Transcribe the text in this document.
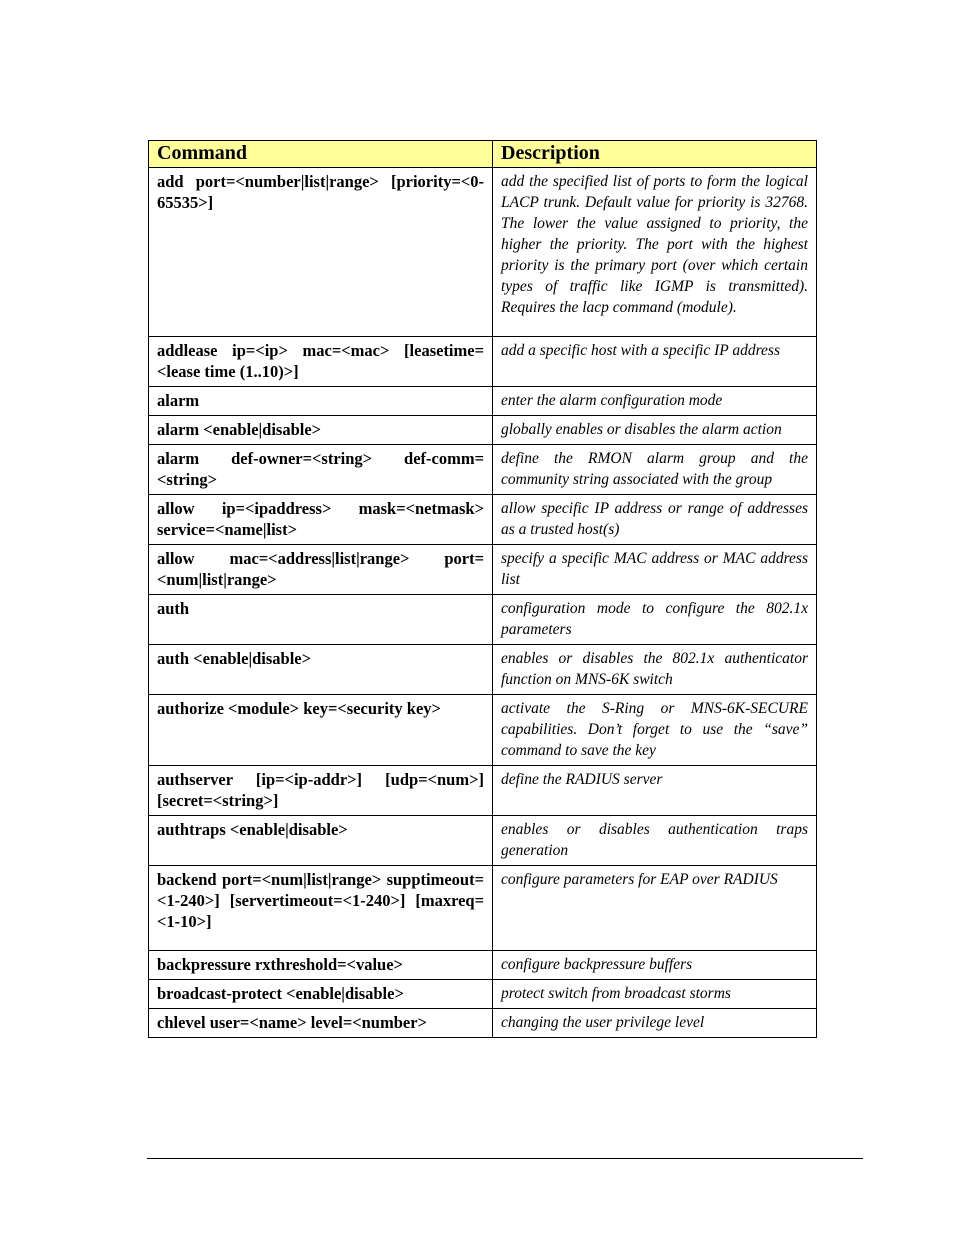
Command	Description
add port=<number|list|range> [priority=<0-65535>]	add the specified list of ports to form the logical LACP trunk. Default value for priority is 32768. The lower the value assigned to priority, the higher the priority. The port with the highest priority is the primary port (over which certain types of traffic like IGMP is transmitted). Requires the lacp command (module).
addlease ip=<ip> mac=<mac> [leasetime=<lease time (1..10)>]	add a specific host with a specific IP address
alarm	enter the alarm configuration mode
alarm <enable|disable>	globally enables or disables the alarm action
alarm def-owner=<string> def-comm=<string>	define the RMON alarm group and the community string associated with the group
allow ip=<ipaddress> mask=<netmask> service=<name|list>	allow specific IP address or range of addresses as a trusted host(s)
allow mac=<address|list|range> port=<num|list|range>	specify a specific MAC address or MAC address list
auth	configuration mode to configure the 802.1x parameters
auth <enable|disable>	enables or disables the 802.1x authenticator function on MNS-6K switch
authorize <module> key=<security key>	activate the S-Ring or MNS-6K-SECURE capabilities. Don’t forget to use the “save” command to save the key
authserver [ip=<ip-addr>] [udp=<num>] [secret=<string>]	define the RADIUS server
authtraps <enable|disable>	enables or disables authentication traps generation
backend port=<num|list|range> supptimeout=<1-240>] [servertimeout=<1-240>] [maxreq=<1-10>]	configure parameters for EAP over RADIUS
backpressure rxthreshold=<value>	configure backpressure buffers
broadcast-protect <enable|disable>	protect switch from broadcast storms
chlevel user=<name> level=<number>	changing the user privilege level
